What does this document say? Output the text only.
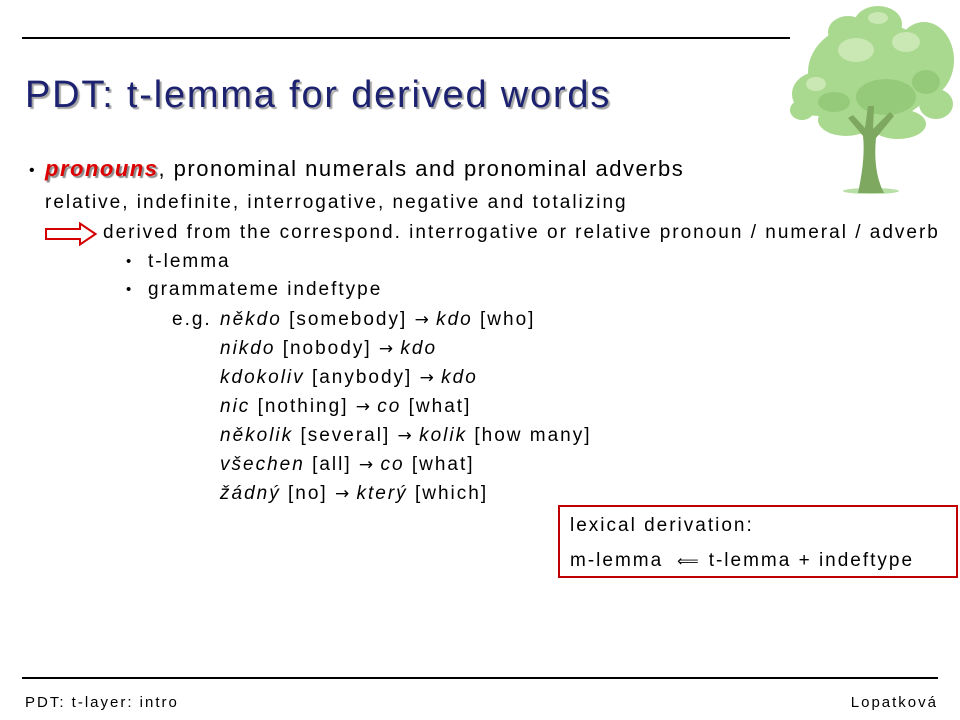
PDT: t-lemma for derived words
• pronouns, pronominal numerals and pronominal adverbs
relative, indefinite, interrogative, negative and totalizing
derived from the correspond. interrogative or relative pronoun / numeral / adverb
• t-lemma
• grammateme indeftype
e.g. někdo [somebody] → kdo [who]
nikdo [nobody] → kdo
kdokoliv [anybody] → kdo
nic [nothing] → co [what]
několik [several] → kolik [how many]
všechen [all] → co [what]
žádný [no] → který [which]
lexical derivation:
m-lemma ⟸ t-lemma + indeftype
PDT: t-layer: intro	Lopatková
